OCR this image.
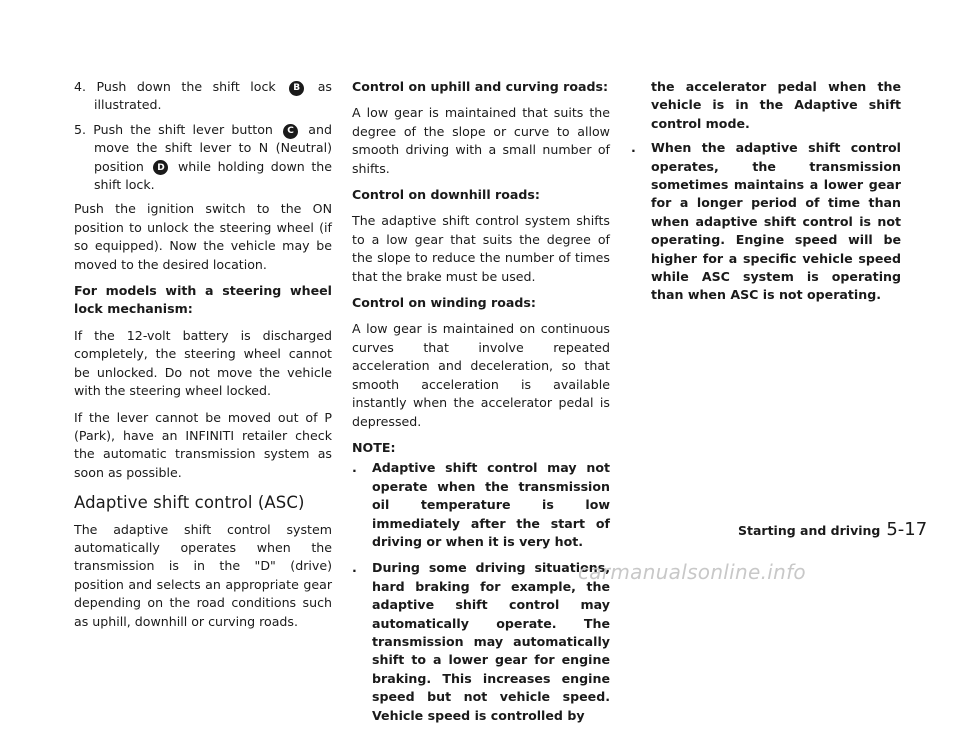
4. Push down the shift lock B as illustrated.

5. Push the shift lever button C and move the shift lever to N (Neutral) position D while holding down the shift lock.

Push the ignition switch to the ON position to unlock the steering wheel (if so equipped). Now the vehicle may be moved to the desired location.

For models with a steering wheel lock mechanism:

If the 12-volt battery is discharged completely, the steering wheel cannot be unlocked. Do not move the vehicle with the steering wheel locked.

If the lever cannot be moved out of P (Park), have an INFINITI retailer check the automatic transmission system as soon as possible.

Adaptive shift control (ASC)

The adaptive shift control system automatically operates when the transmission is in the "D" (drive) position and selects an appropriate gear depending on the road conditions such as uphill, downhill or curving roads.

Control on uphill and curving roads:

A low gear is maintained that suits the degree of the slope or curve to allow smooth driving with a small number of shifts.

Control on downhill roads:

The adaptive shift control system shifts to a low gear that suits the degree of the slope to reduce the number of times that the brake must be used.

Control on winding roads:

A low gear is maintained on continuous curves that involve repeated acceleration and deceleration, so that smooth acceleration is available instantly when the accelerator pedal is depressed.

NOTE:

. Adaptive shift control may not operate when the transmission oil temperature is low immediately after the start of driving or when it is very hot.
. During some driving situations, hard braking for example, the adaptive shift control may automatically operate. The transmission may automatically shift to a lower gear for engine braking. This increases engine speed but not vehicle speed. Vehicle speed is controlled by
the accelerator pedal when the vehicle is in the Adaptive shift control mode.
. When the adaptive shift control operates, the transmission sometimes maintains a lower gear for a longer period of time than when adaptive shift control is not operating. Engine speed will be higher for a specific vehicle speed while ASC system is operating than when ASC is not operating.
Starting and driving 5-17
carmanualsonline.info
